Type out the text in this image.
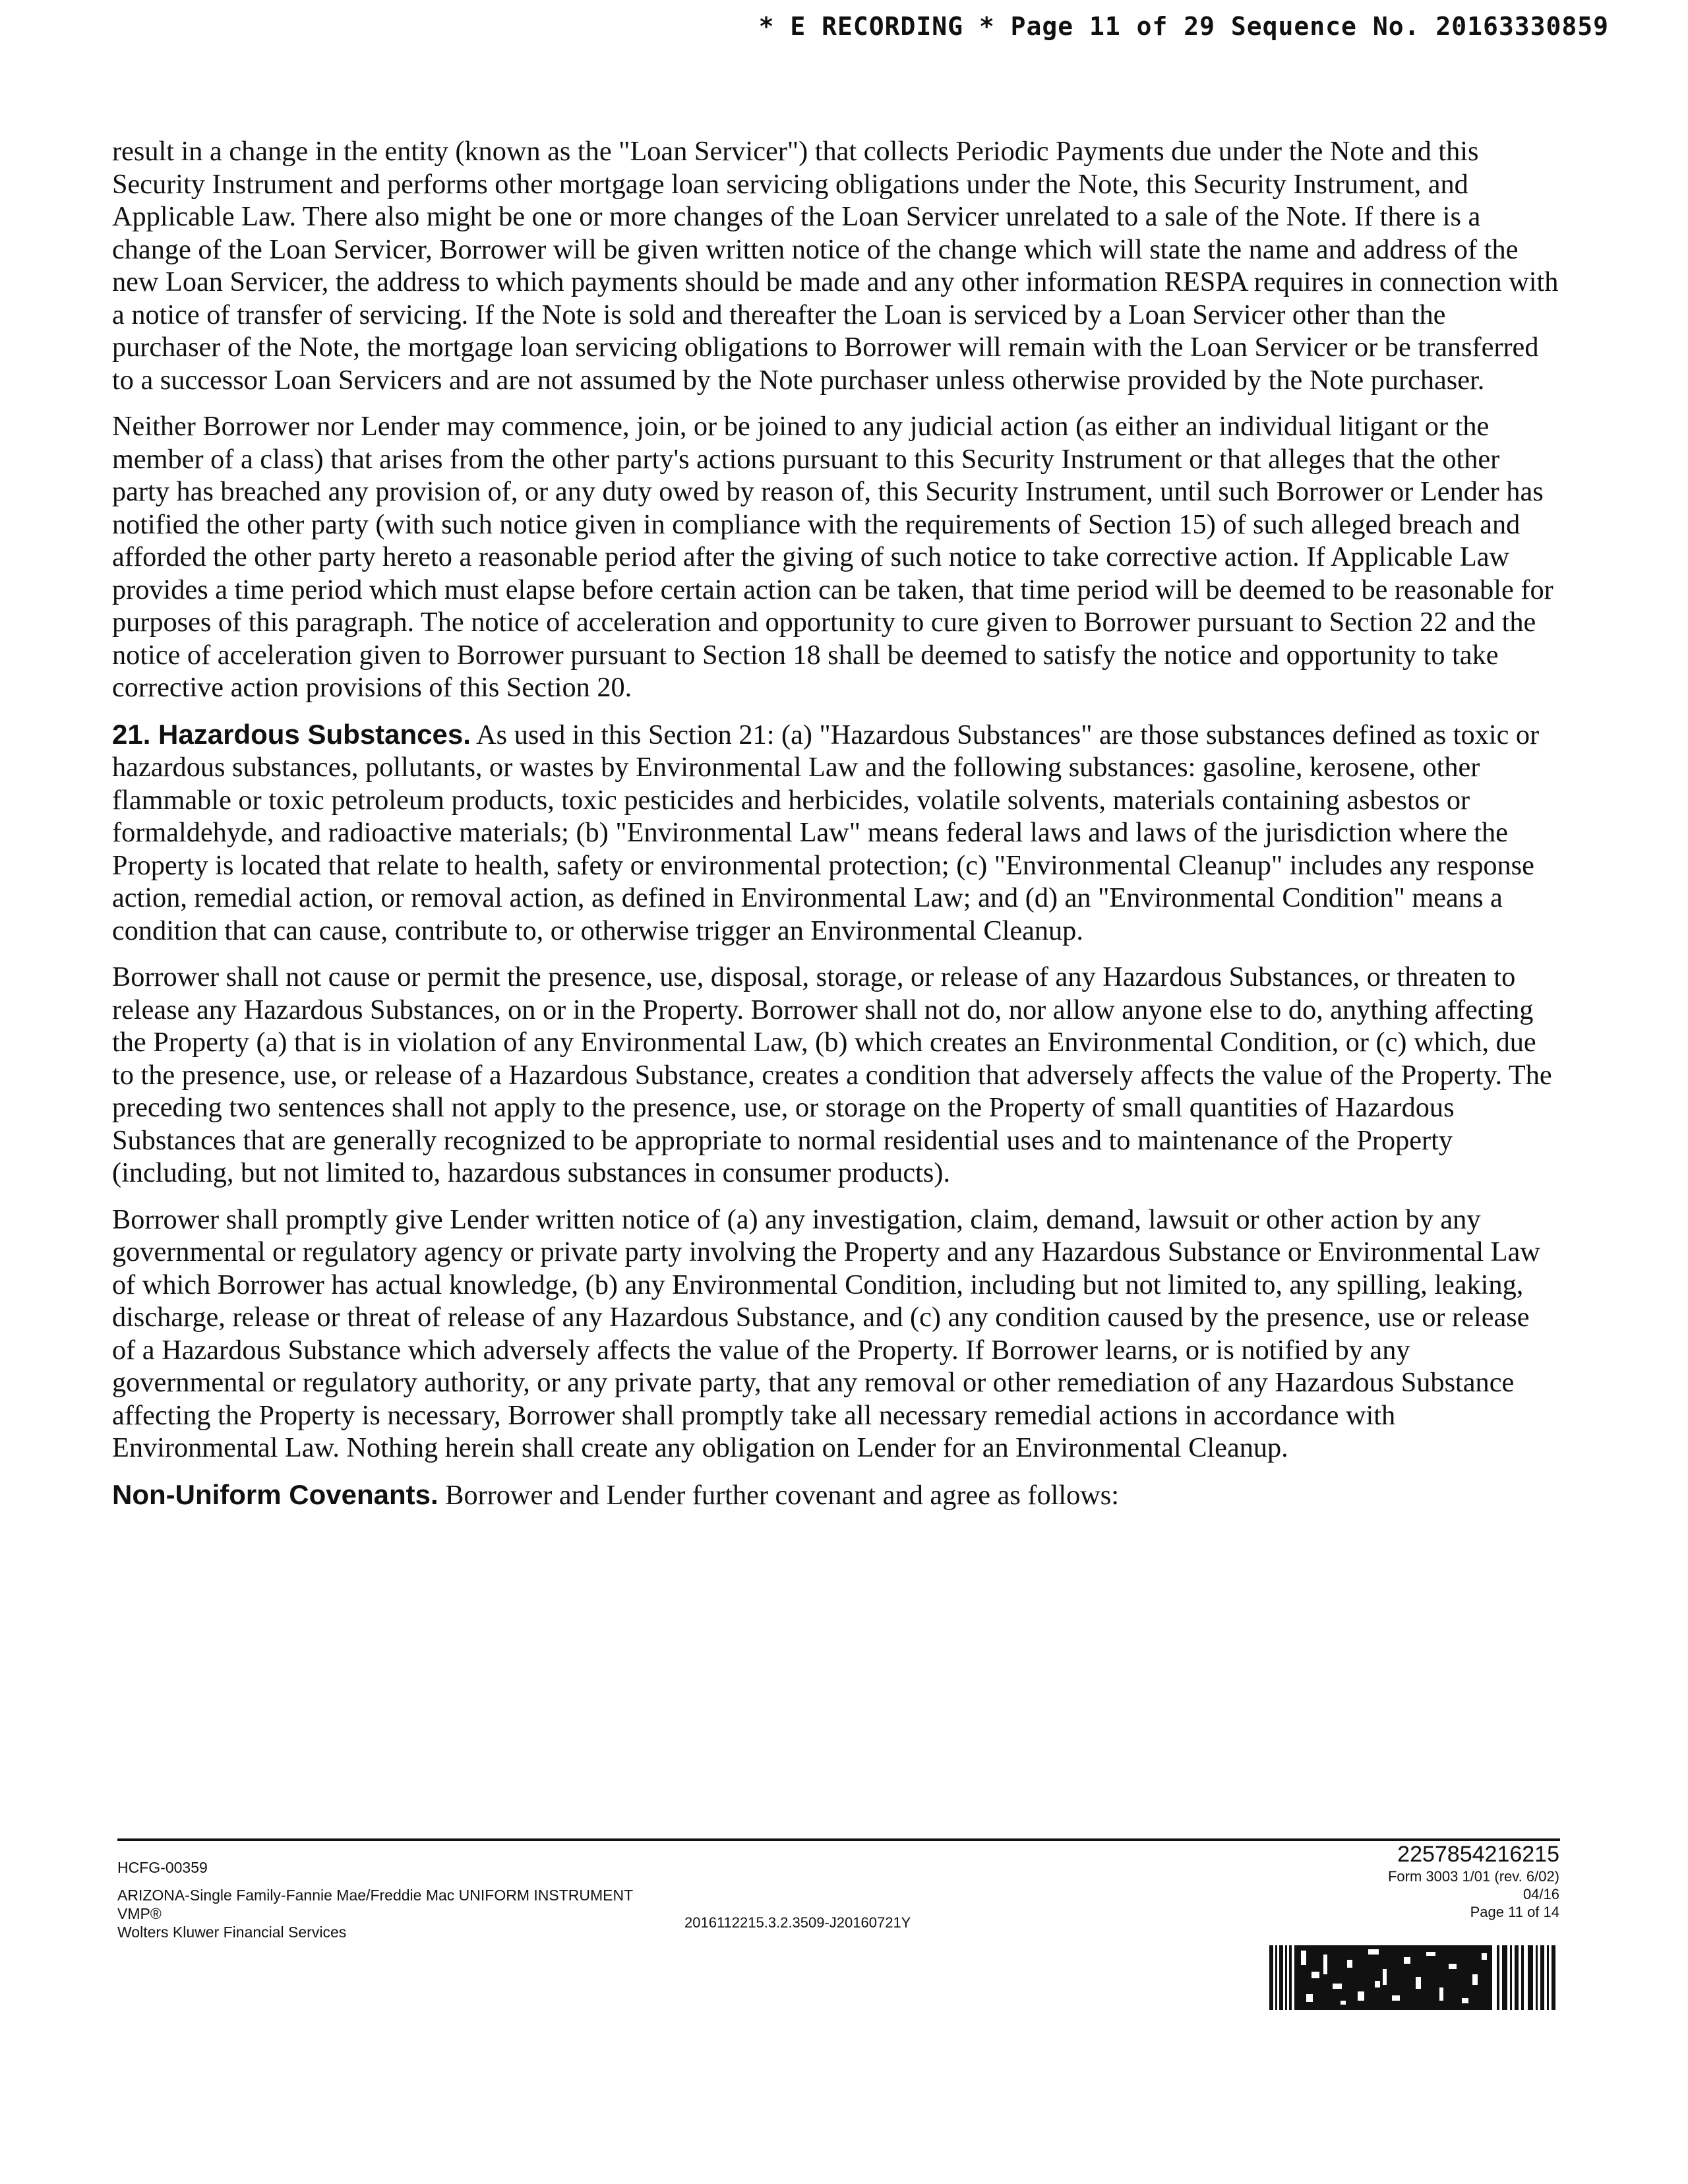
* E RECORDING * Page 11 of 29 Sequence No. 20163330859

result in a change in the entity (known as the "Loan Servicer") that collects Periodic Payments due under the Note and this Security Instrument and performs other mortgage loan servicing obligations under the Note, this Security Instrument, and Applicable Law. There also might be one or more changes of the Loan Servicer unrelated to a sale of the Note. If there is a change of the Loan Servicer, Borrower will be given written notice of the change which will state the name and address of the new Loan Servicer, the address to which payments should be made and any other information RESPA requires in connection with a notice of transfer of servicing. If the Note is sold and thereafter the Loan is serviced by a Loan Servicer other than the purchaser of the Note, the mortgage loan servicing obligations to Borrower will remain with the Loan Servicer or be transferred to a successor Loan Servicers and are not assumed by the Note purchaser unless otherwise provided by the Note purchaser.

Neither Borrower nor Lender may commence, join, or be joined to any judicial action (as either an individual litigant or the member of a class) that arises from the other party's actions pursuant to this Security Instrument or that alleges that the other party has breached any provision of, or any duty owed by reason of, this Security Instrument, until such Borrower or Lender has notified the other party (with such notice given in compliance with the requirements of Section 15) of such alleged breach and afforded the other party hereto a reasonable period after the giving of such notice to take corrective action. If Applicable Law provides a time period which must elapse before certain action can be taken, that time period will be deemed to be reasonable for purposes of this paragraph. The notice of acceleration and opportunity to cure given to Borrower pursuant to Section 22 and the notice of acceleration given to Borrower pursuant to Section 18 shall be deemed to satisfy the notice and opportunity to take corrective action provisions of this Section 20.

21. Hazardous Substances. As used in this Section 21: (a) "Hazardous Substances" are those substances defined as toxic or hazardous substances, pollutants, or wastes by Environmental Law and the following substances: gasoline, kerosene, other flammable or toxic petroleum products, toxic pesticides and herbicides, volatile solvents, materials containing asbestos or formaldehyde, and radioactive materials; (b) "Environmental Law" means federal laws and laws of the jurisdiction where the Property is located that relate to health, safety or environmental protection; (c) "Environmental Cleanup" includes any response action, remedial action, or removal action, as defined in Environmental Law; and (d) an "Environmental Condition" means a condition that can cause, contribute to, or otherwise trigger an Environmental Cleanup.

Borrower shall not cause or permit the presence, use, disposal, storage, or release of any Hazardous Substances, or threaten to release any Hazardous Substances, on or in the Property. Borrower shall not do, nor allow anyone else to do, anything affecting the Property (a) that is in violation of any Environmental Law, (b) which creates an Environmental Condition, or (c) which, due to the presence, use, or release of a Hazardous Substance, creates a condition that adversely affects the value of the Property. The preceding two sentences shall not apply to the presence, use, or storage on the Property of small quantities of Hazardous Substances that are generally recognized to be appropriate to normal residential uses and to maintenance of the Property (including, but not limited to, hazardous substances in consumer products).

Borrower shall promptly give Lender written notice of (a) any investigation, claim, demand, lawsuit or other action by any governmental or regulatory agency or private party involving the Property and any Hazardous Substance or Environmental Law of which Borrower has actual knowledge, (b) any Environmental Condition, including but not limited to, any spilling, leaking, discharge, release or threat of release of any Hazardous Substance, and (c) any condition caused by the presence, use or release of a Hazardous Substance which adversely affects the value of the Property. If Borrower learns, or is notified by any governmental or regulatory authority, or any private party, that any removal or other remediation of any Hazardous Substance affecting the Property is necessary, Borrower shall promptly take all necessary remedial actions in accordance with Environmental Law. Nothing herein shall create any obligation on Lender for an Environmental Cleanup.

Non-Uniform Covenants. Borrower and Lender further covenant and agree as follows:

HCFG-00359
ARIZONA-Single Family-Fannie Mae/Freddie Mac UNIFORM INSTRUMENT
VMP®
Wolters Kluwer Financial Services
2016112215.3.2.3509-J20160721Y
2257854216215
Form 3003 1/01 (rev. 6/02)
04/16
Page 11 of 14
